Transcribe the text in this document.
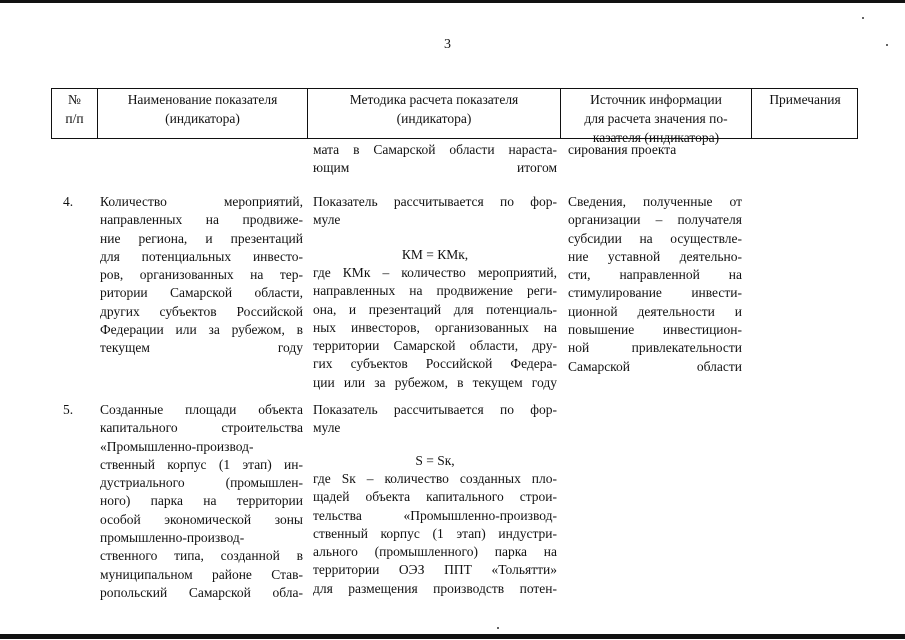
3
№
п/п
Наименование показателя
(индикатора)
Методика расчета показателя
(индикатора)
Источник информации
для расчета значения по-
казателя (индикатора)
Примечания
мата в Самарской области нараста-
ющим итогом
сирования проекта
4. Количество мероприятий,
направленных на продвиже-
ние региона, и презентаций
для потенциальных инвесто-
ров, организованных на тер-
ритории Самарской области,
других субъектов Российской
Федерации или за рубежом, в
текущем году
Показатель рассчитывается по фор-
муле
КМ = КМк,
где КМк – количество мероприятий,
направленных на продвижение реги-
она, и презентаций для потенциаль-
ных инвесторов, организованных на
территории Самарской области, дру-
гих субъектов Российской Федера-
ции или за рубежом, в текущем году
Сведения, полученные от
организации – получателя
субсидии на осуществле-
ние уставной деятельно-
сти, направленной на
стимулирование инвести-
ционной деятельности и
повышение инвестицион-
ной привлекательности
Самарской области
5. Созданные площади объекта
капитального строительства
«Промышленно-производ-
ственный корпус (1 этап) ин-
дустриального (промышлен-
ного) парка на территории
особой экономической зоны
промышленно-производ-
ственного типа, созданной в
муниципальном районе Став-
ропольский Самарской обла-
Показатель рассчитывается по фор-
муле
S = Sк,
где Sк – количество созданных пло-
щадей объекта капитального строи-
тельства «Промышленно-производ-
ственный корпус (1 этап) индустри-
ального (промышленного) парка на
территории ОЭЗ ППТ «Тольятти»
для размещения производств потен-
